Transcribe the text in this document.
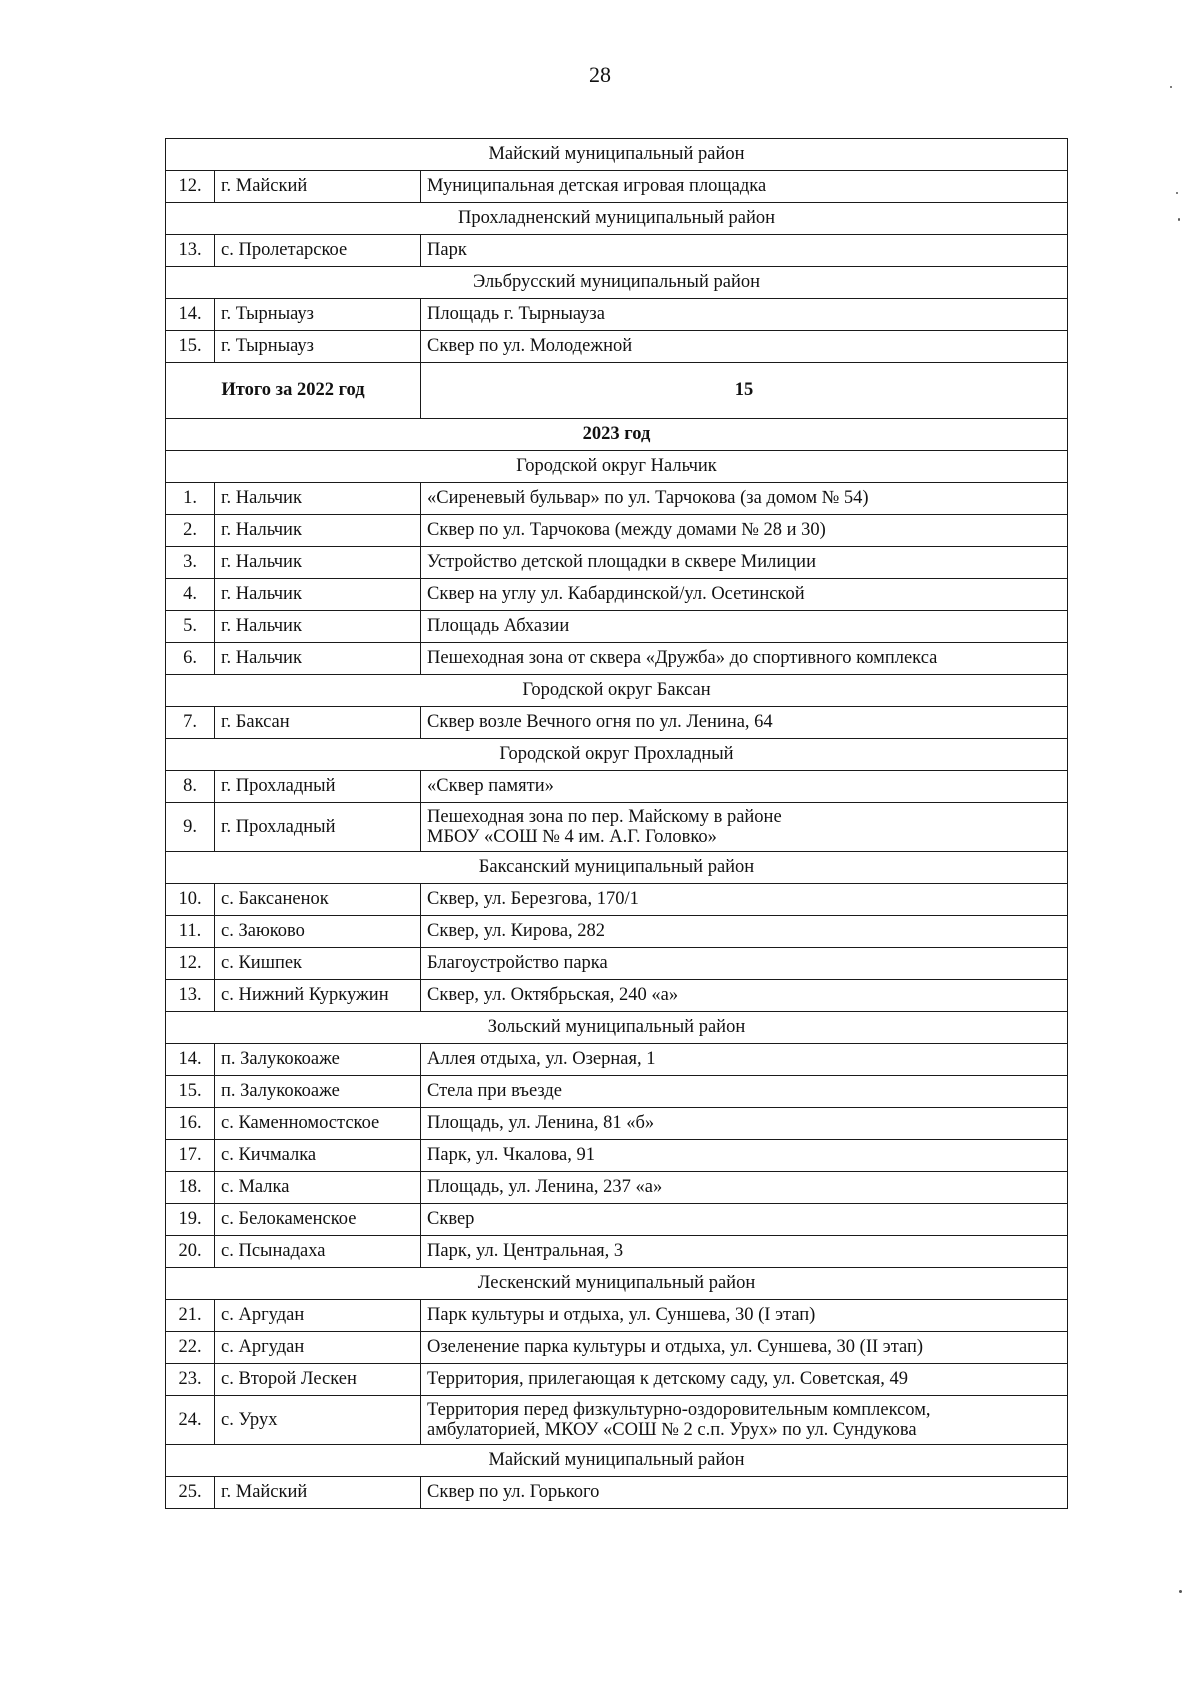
28
Майский муниципальный район		
12.	г. Майский	Муниципальная детская игровая площадка
Прохладненский муниципальный район		
13.	с. Пролетарское	Парк
Эльбрусский муниципальный район		
14.	г. Тырныауз	Площадь г. Тырныауза
15.	г. Тырныауз	Сквер по ул. Молодежной
Итого за 2022 год		15
2023 год		
Городской округ Нальчик		
1.	г. Нальчик	«Сиреневый бульвар» по ул. Тарчокова (за домом № 54)
2.	г. Нальчик	Сквер по ул. Тарчокова (между домами № 28 и 30)
3.	г. Нальчик	Устройство детской площадки в сквере Милиции
4.	г. Нальчик	Сквер на углу ул. Кабардинской/ул. Осетинской
5.	г. Нальчик	Площадь Абхазии
6.	г. Нальчик	Пешеходная зона от сквера «Дружба» до спортивного комплекса
Городской округ Баксан		
7.	г. Баксан	Сквер возле Вечного огня по ул. Ленина, 64
Городской округ Прохладный		
8.	г. Прохладный	«Сквер памяти»
9.	г. Прохладный	Пешеходная зона по пер. Майскому в районе
МБОУ «СОШ № 4 им. А.Г. Головко»

Баксанский муниципальный район		
10.	с. Баксаненок	Сквер, ул. Березгова, 170/1
11.	с. Заюково	Сквер, ул. Кирова, 282
12.	с. Кишпек	Благоустройство парка
13.	с. Нижний Куркужин	Сквер, ул. Октябрьская, 240 «а»
Зольский муниципальный район		
14.	п. Залукокоаже	Аллея отдыха, ул. Озерная, 1
15.	п. Залукокоаже	Стела при въезде
16.	с. Каменномостское	Площадь, ул. Ленина, 81 «б»
17.	с. Кичмалка	Парк, ул. Чкалова, 91
18.	с. Малка	Площадь, ул. Ленина, 237 «а»
19.	с. Белокаменское	Сквер
20.	с. Псынадаха	Парк, ул. Центральная, 3
Лескенский муниципальный район		
21.	с. Аргудан	Парк культуры и отдыха, ул. Суншева, 30 (I этап)
22.	с. Аргудан	Озеленение парка культуры и отдыха, ул. Суншева, 30 (II этап)
23.	с. Второй Лескен	Территория, прилегающая к детскому саду, ул. Советская, 49
24.	с. Урух	Территория перед физкультурно-оздоровительным комплексом,
амбулаторией, МКОУ «СОШ № 2 с.п. Урух» по ул. Сундукова

Майский муниципальный район		
25.	г. Майский	Сквер по ул. Горького
